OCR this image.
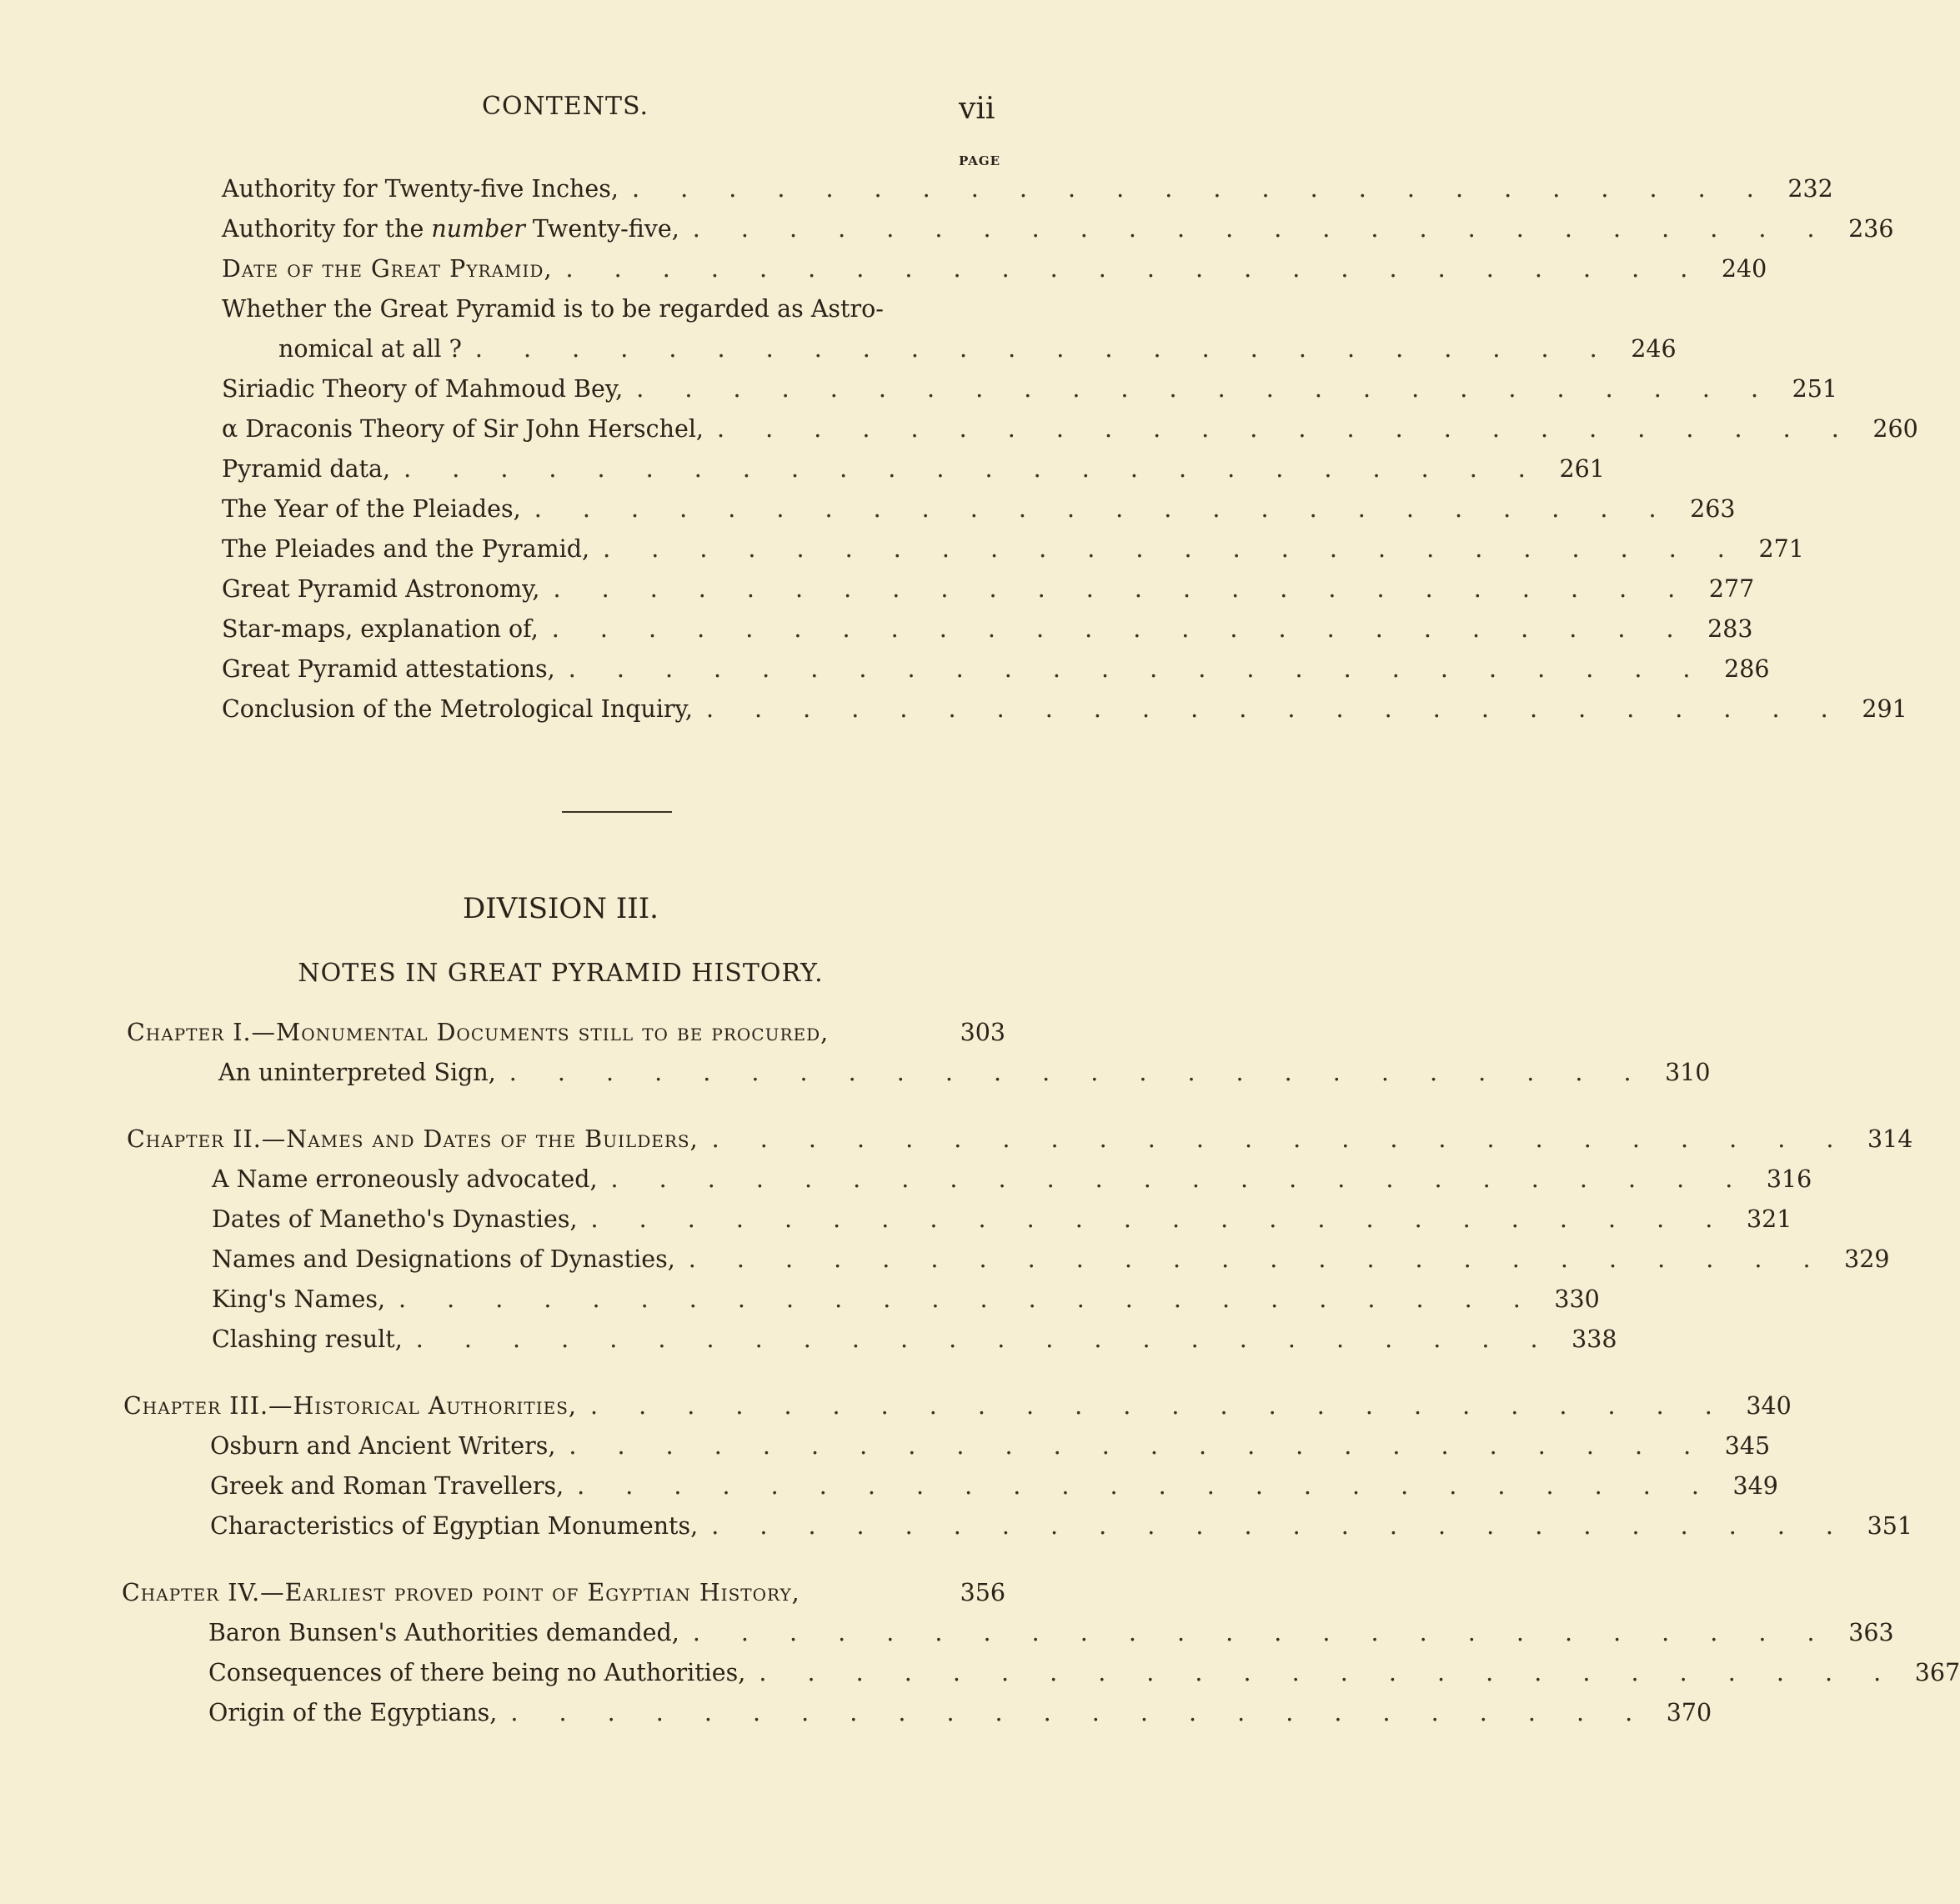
CONTENTS.	vii
PAGE
Authority for Twenty-five Inches, . . . . . . . . . . . . . . . . . . . . . . . . 232
Authority for the number Twenty-five, . . . . . . . . . . . . . . . . . . . . . . . . 236
Date of the Great Pyramid, . . . . . . . . . . . . . . . . . . . . . . . . 240
Whether the Great Pyramid is to be regarded as Astro-
nomical at all ? . . . . . . . . . . . . . . . . . . . . . . . . 246
Siriadic Theory of Mahmoud Bey, . . . . . . . . . . . . . . . . . . . . . . . . 251
α Draconis Theory of Sir John Herschel, . . . . . . . . . . . . . . . . . . . . . . . . 260
Pyramid data, . . . . . . . . . . . . . . . . . . . . . . . . 261
The Year of the Pleiades, . . . . . . . . . . . . . . . . . . . . . . . . 263
The Pleiades and the Pyramid, . . . . . . . . . . . . . . . . . . . . . . . . 271
Great Pyramid Astronomy, . . . . . . . . . . . . . . . . . . . . . . . . 277
Star-maps, explanation of, . . . . . . . . . . . . . . . . . . . . . . . . 283
Great Pyramid attestations, . . . . . . . . . . . . . . . . . . . . . . . . 286
Conclusion of the Metrological Inquiry, . . . . . . . . . . . . . . . . . . . . . . . . 291
DIVISION III.
NOTES IN GREAT PYRAMID HISTORY.
Chapter I.—Monumental Documents still to be procured,	303
An uninterpreted Sign, . . . . . . . . . . . . . . . . . . . . . . . . 310
Chapter II.—Names and Dates of the Builders, . . . . . . . . . . . . . . . . . . . . . . . . 314
A Name erroneously advocated, . . . . . . . . . . . . . . . . . . . . . . . . 316
Dates of Manetho's Dynasties, . . . . . . . . . . . . . . . . . . . . . . . . 321
Names and Designations of Dynasties, . . . . . . . . . . . . . . . . . . . . . . . . 329
King's Names, . . . . . . . . . . . . . . . . . . . . . . . . 330
Clashing result, . . . . . . . . . . . . . . . . . . . . . . . . 338
Chapter III.—Historical Authorities, . . . . . . . . . . . . . . . . . . . . . . . . 340
Osburn and Ancient Writers, . . . . . . . . . . . . . . . . . . . . . . . . 345
Greek and Roman Travellers, . . . . . . . . . . . . . . . . . . . . . . . . 349
Characteristics of Egyptian Monuments, . . . . . . . . . . . . . . . . . . . . . . . . 351
Chapter IV.—Earliest proved point of Egyptian History,	356
Baron Bunsen's Authorities demanded, . . . . . . . . . . . . . . . . . . . . . . . . 363
Consequences of there being no Authorities, . . . . . . . . . . . . . . . . . . . . . . . . 367
Origin of the Egyptians, . . . . . . . . . . . . . . . . . . . . . . . . 370
